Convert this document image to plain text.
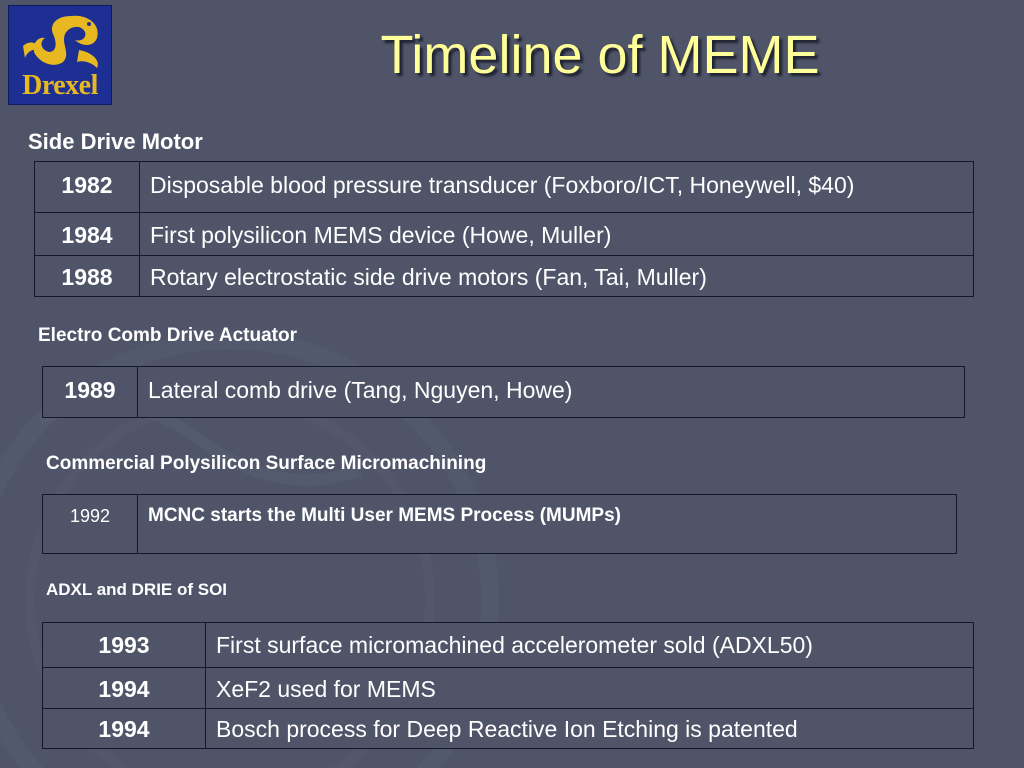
Drexel
Timeline of MEME
Side Drive Motor
1982	Disposable blood pressure transducer (Foxboro/ICT, Honeywell, $40)
1984	First polysilicon MEMS device (Howe, Muller)
1988	Rotary electrostatic side drive motors (Fan, Tai, Muller)
Electro Comb Drive Actuator
1989	Lateral comb drive (Tang, Nguyen, Howe)
Commercial Polysilicon Surface Micromachining
1992	MCNC starts the Multi User MEMS Process (MUMPs)
ADXL and DRIE of SOI
1993	First surface micromachined accelerometer sold (ADXL50)
1994	XeF2 used for MEMS
1994	Bosch process for Deep Reactive Ion Etching is patented
